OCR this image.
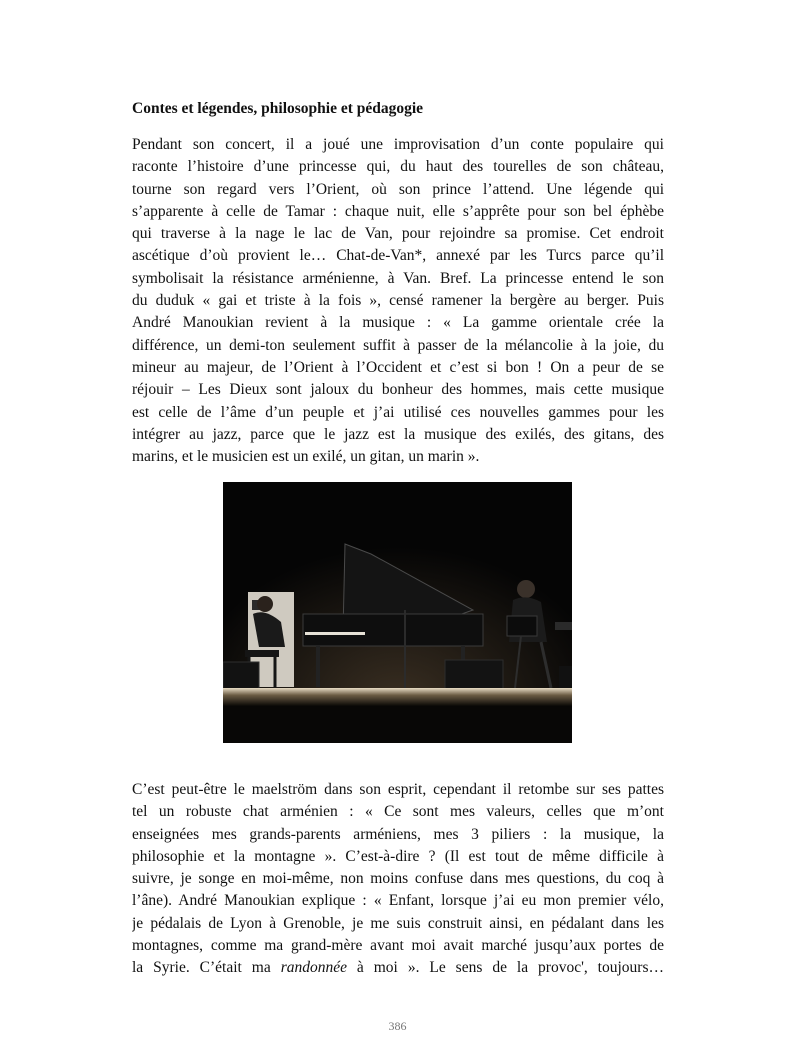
Contes et légendes, philosophie et pédagogie
Pendant son concert, il a joué une improvisation d’un conte populaire qui
raconte l’histoire d’une princesse qui, du haut des tourelles de son château,
tourne son regard vers l’Orient, où son prince l’attend. Une légende qui
s’apparente à celle de Tamar : chaque nuit, elle s’apprête pour son bel éphèbe
qui traverse à la nage le lac de Van, pour rejoindre sa promise. Cet endroit
ascétique d’où provient le… Chat-de-Van*, annexé par les Turcs parce qu’il
symbolisait la résistance arménienne, à Van. Bref. La princesse entend le son
du duduk « gai et triste à la fois », censé ramener la bergère au berger. Puis
André Manoukian revient à la musique : « La gamme orientale crée la
différence, un demi-ton seulement suffit à passer de la mélancolie à la joie, du
mineur au majeur, de l’Orient à l’Occident et c’est si bon ! On a peur de se
réjouir – Les Dieux sont jaloux du bonheur des hommes, mais cette musique
est celle de l’âme d’un peuple et j’ai utilisé ces nouvelles gammes pour les
intégrer au jazz, parce que le jazz est la musique des exilés, des gitans, des
marins, et le musicien est un exilé, un gitan, un marin ».
C’est peut-être le maelström dans son esprit, cependant il retombe sur ses pattes
tel un robuste chat arménien : « Ce sont mes valeurs, celles que m’ont
enseignées mes grands-parents arméniens, mes 3 piliers : la musique, la
philosophie et la montagne ». C’est-à-dire ? (Il est tout de même difficile à
suivre, je songe en moi-même, non moins confuse dans mes questions, du coq à
l’âne). André Manoukian explique : « Enfant, lorsque j’ai eu mon premier vélo,
je pédalais de Lyon à Grenoble, je me suis construit ainsi, en pédalant dans les
montagnes, comme ma grand-mère avant moi avait marché jusqu’aux portes de
la Syrie. C’était ma randonnée à moi ». Le sens de la provoc', toujours…
386
